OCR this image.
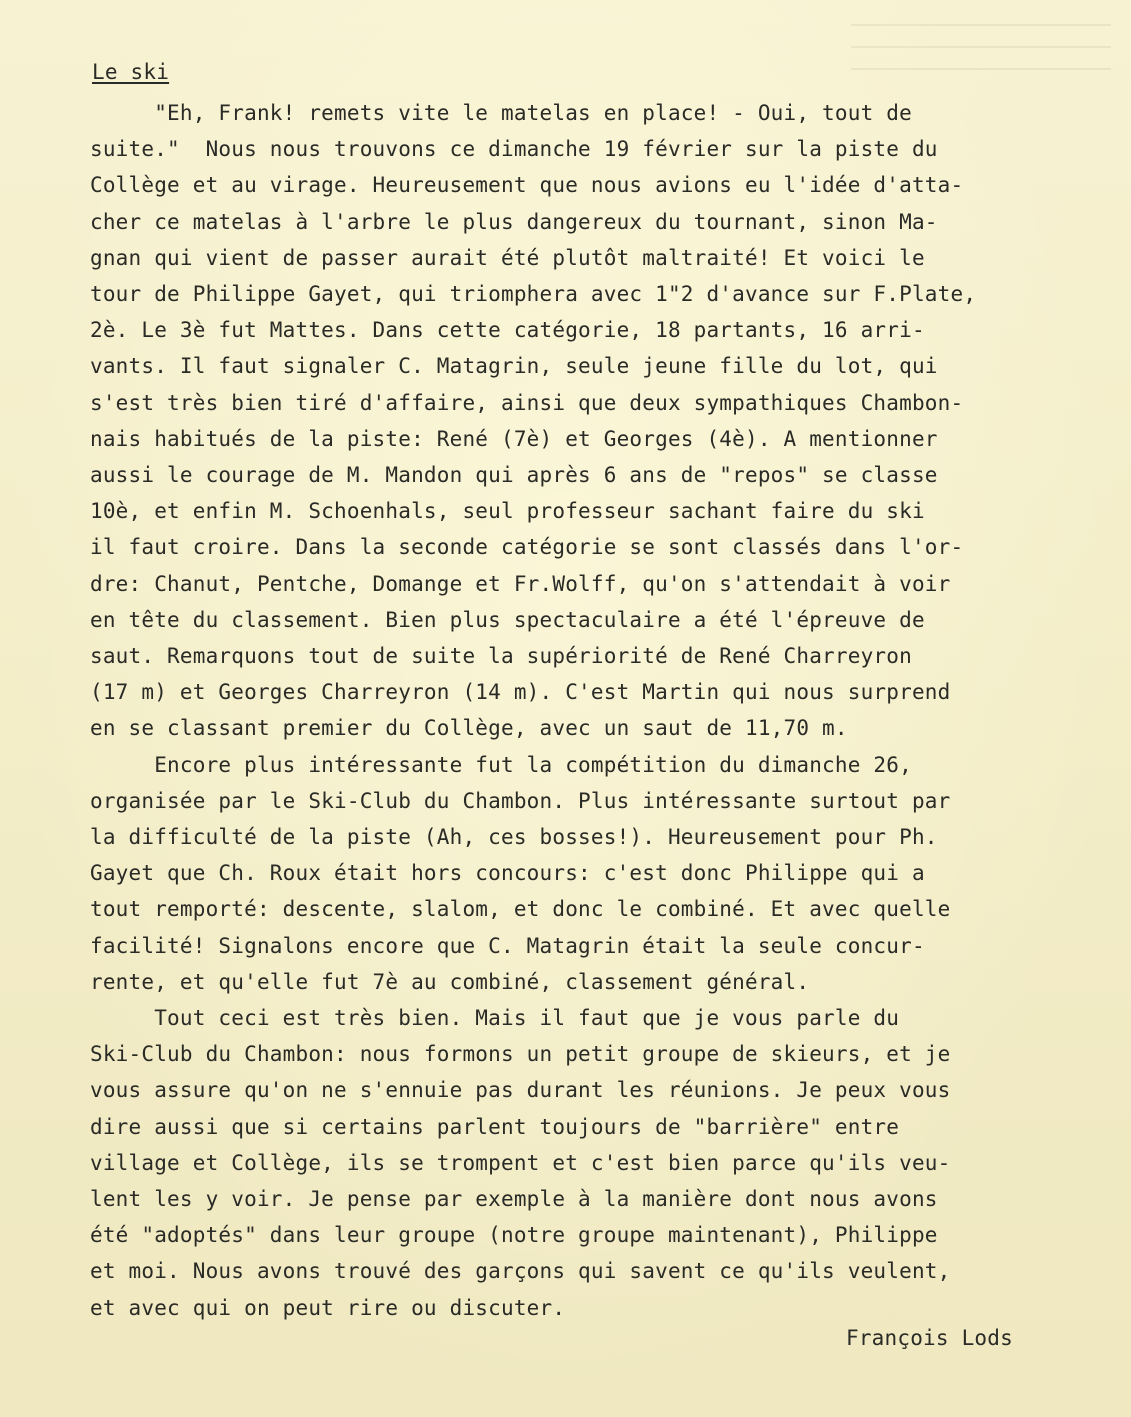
Le ski
"Eh, Frank! remets vite le matelas en place! - Oui, tout de
suite."  Nous nous trouvons ce dimanche 19 février sur la piste du
Collège et au virage. Heureusement que nous avions eu l'idée d'atta-
cher ce matelas à l'arbre le plus dangereux du tournant, sinon Ma-
gnan qui vient de passer aurait été plutôt maltraité! Et voici le
tour de Philippe Gayet, qui triomphera avec 1"2 d'avance sur F.Plate,
2è. Le 3è fut Mattes. Dans cette catégorie, 18 partants, 16 arri-
vants. Il faut signaler C. Matagrin, seule jeune fille du lot, qui
s'est très bien tiré d'affaire, ainsi que deux sympathiques Chambon-
nais habitués de la piste: René (7è) et Georges (4è). A mentionner
aussi le courage de M. Mandon qui après 6 ans de "repos" se classe
10è, et enfin M. Schoenhals, seul professeur sachant faire du ski
il faut croire. Dans la seconde catégorie se sont classés dans l'or-
dre: Chanut, Pentche, Domange et Fr.Wolff, qu'on s'attendait à voir
en tête du classement. Bien plus spectaculaire a été l'épreuve de
saut. Remarquons tout de suite la supériorité de René Charreyron
(17 m) et Georges Charreyron (14 m). C'est Martin qui nous surprend
en se classant premier du Collège, avec un saut de 11,70 m.
Encore plus intéressante fut la compétition du dimanche 26,
organisée par le Ski-Club du Chambon. Plus intéressante surtout par
la difficulté de la piste (Ah, ces bosses!). Heureusement pour Ph.
Gayet que Ch. Roux était hors concours: c'est donc Philippe qui a
tout remporté: descente, slalom, et donc le combiné. Et avec quelle
facilité! Signalons encore que C. Matagrin était la seule concur-
rente, et qu'elle fut 7è au combiné, classement général.
Tout ceci est très bien. Mais il faut que je vous parle du
Ski-Club du Chambon: nous formons un petit groupe de skieurs, et je
vous assure qu'on ne s'ennuie pas durant les réunions. Je peux vous
dire aussi que si certains parlent toujours de "barrière" entre
village et Collège, ils se trompent et c'est bien parce qu'ils veu-
lent les y voir. Je pense par exemple à la manière dont nous avons
été "adoptés" dans leur groupe (notre groupe maintenant), Philippe
et moi. Nous avons trouvé des garçons qui savent ce qu'ils veulent,
et avec qui on peut rire ou discuter.
François Lods
